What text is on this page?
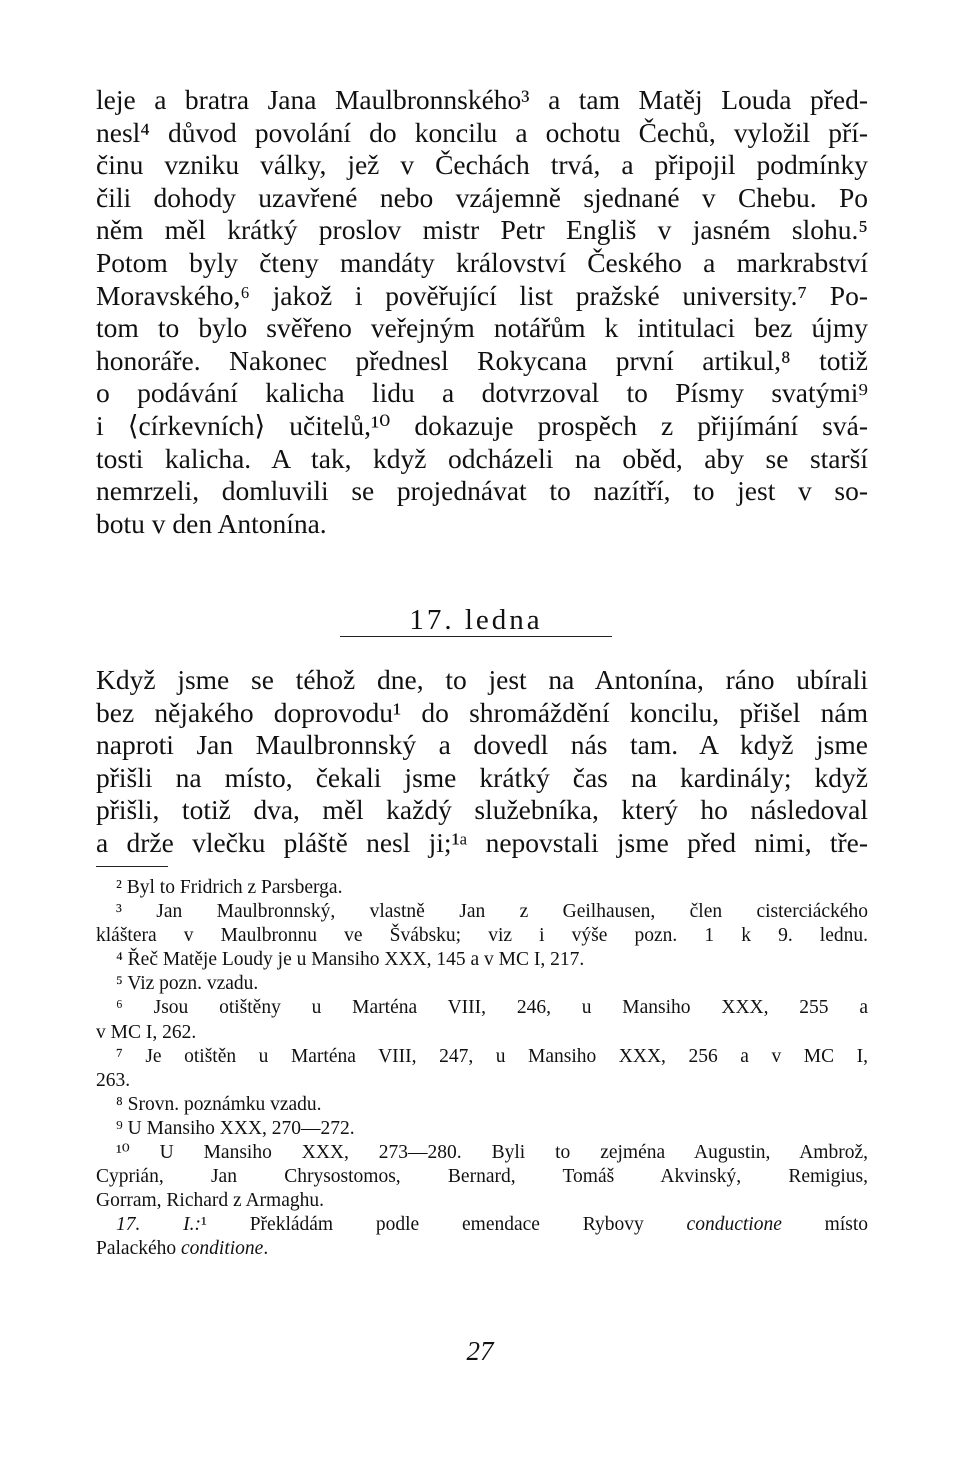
leje a bratra Jana Maulbronnského³ a tam Matěj Louda před-
nesl⁴ důvod povolání do koncilu a ochotu Čechů, vyložil pří-
činu vzniku války, jež v Čechách trvá, a připojil podmínky
čili dohody uzavřené nebo vzájemně sjednané v Chebu. Po
něm měl krátký proslov mistr Petr Engliš v jasném slohu.⁵
Potom byly čteny mandáty království Českého a markrabství
Moravského,⁶ jakož i pověřující list pražské university.⁷ Po-
tom to bylo svěřeno veřejným notářům k intitulaci bez újmy
honoráře. Nakonec přednesl Rokycana první artikul,⁸ totiž
o podávání kalicha lidu a dotvrzoval to Písmy svatými⁹
i ⟨církevních⟩ učitelů,¹⁰ dokazuje prospěch z přijímání svá-
tosti kalicha. A tak, když odcházeli na oběd, aby se starší
nemrzeli, domluvili se projednávat to nazítří, to jest v so-
botu v den Antonína.
17. ledna
Když jsme se téhož dne, to jest na Antonína, ráno ubírali
bez nějakého doprovodu¹ do shromáždění koncilu, přišel nám
naproti Jan Maulbronnský a dovedl nás tam. A když jsme
přišli na místo, čekali jsme krátký čas na kardinály; když
přišli, totiž dva, měl každý služebníka, který ho následoval
a drže vlečku pláště nesl ji;¹ᵃ nepovstali jsme před nimi, tře-
² Byl to Fridrich z Parsberga.
³ Jan Maulbronnský, vlastně Jan z Geilhausen, člen cisterciáckého
kláštera v Maulbronnu ve Švábsku; viz i výše pozn. 1 k 9. lednu.
⁴ Řeč Matěje Loudy je u Mansiho XXX, 145 a v MC I, 217.
⁵ Viz pozn. vzadu.
⁶ Jsou otištěny u Marténa VIII, 246, u Mansiho XXX, 255 a
v MC I, 262.
⁷ Je otištěn u Marténa VIII, 247, u Mansiho XXX, 256 a v MC I,
263.
⁸ Srovn. poznámku vzadu.
⁹ U Mansiho XXX, 270—272.
¹⁰ U Mansiho XXX, 273—280. Byli to zejména Augustin, Ambrož,
Cyprián, Jan Chrysostomos, Bernard, Tomáš Akvinský, Remigius,
Gorram, Richard z Armaghu.
17. I.:¹ Překládám podle emendace Rybovy conductione místo
Palackého conditione.
27
